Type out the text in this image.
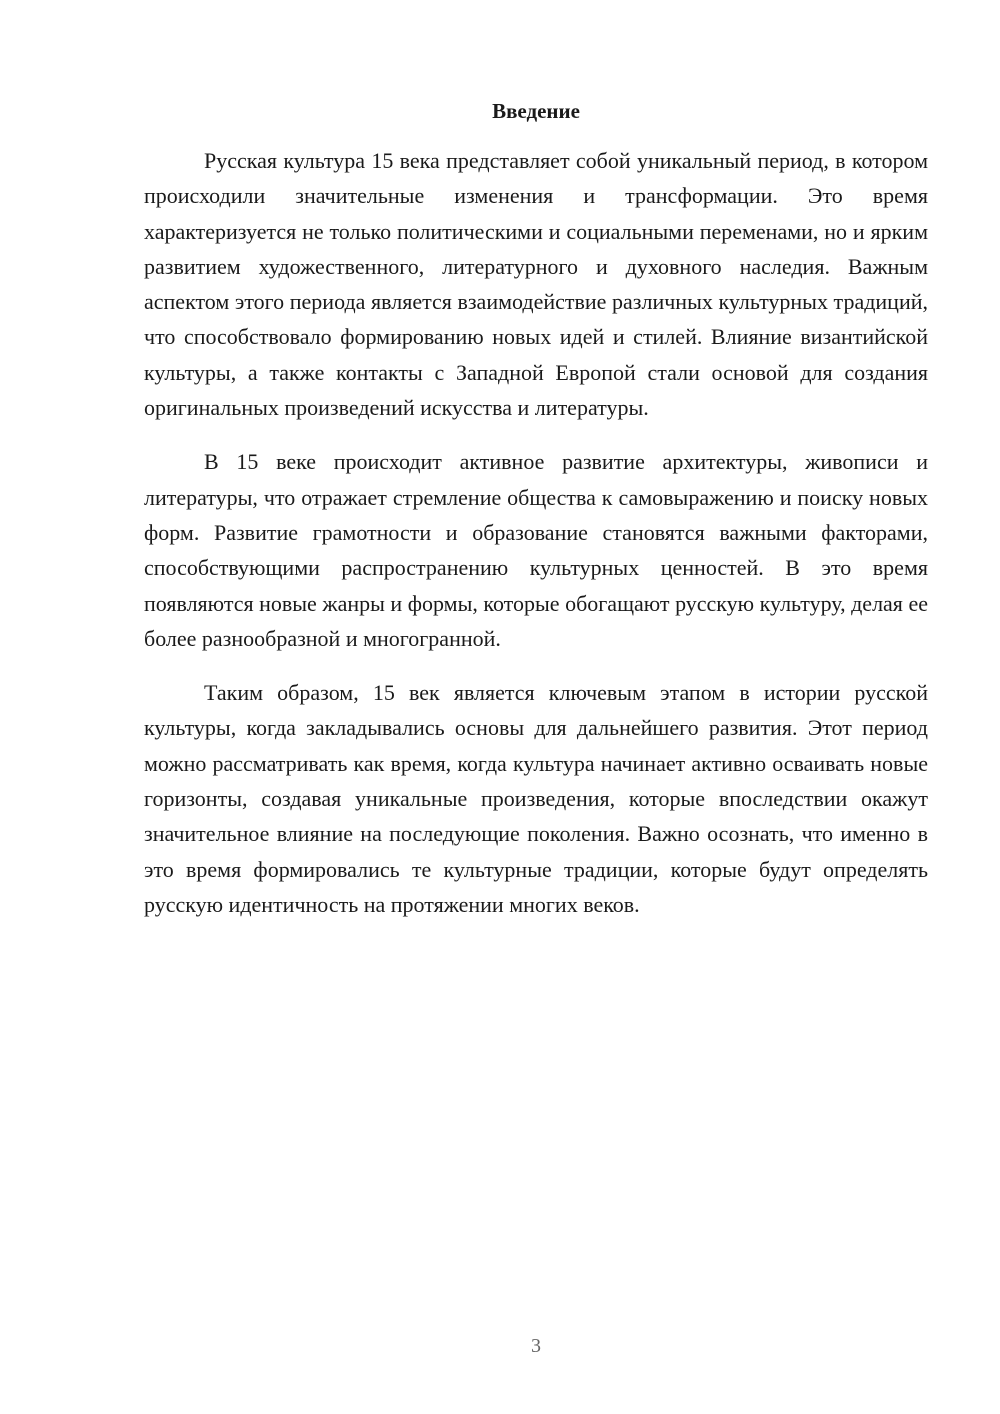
Введение

Русская культура 15 века представляет собой уникальный период, в котором происходили значительные изменения и трансформации. Это время характеризуется не только политическими и социальными переменами, но и ярким развитием художественного, литературного и духовного наследия. Важным аспектом этого периода является взаимодействие различных культурных традиций, что способствовало формированию новых идей и стилей. Влияние византийской культуры, а также контакты с Западной Европой стали основой для создания оригинальных произведений искусства и литературы.

В 15 веке происходит активное развитие архитектуры, живописи и литературы, что отражает стремление общества к самовыражению и поиску новых форм. Развитие грамотности и образование становятся важными факторами, способствующими распространению культурных ценностей. В это время появляются новые жанры и формы, которые обогащают русскую культуру, делая ее более разнообразной и многогранной.

Таким образом, 15 век является ключевым этапом в истории русской культуры, когда закладывались основы для дальнейшего развития. Этот период можно рассматривать как время, когда культура начинает активно осваивать новые горизонты, создавая уникальные произведения, которые впоследствии окажут значительное влияние на последующие поколения. Важно осознать, что именно в это время формировались те культурные традиции, которые будут определять русскую идентичность на протяжении многих веков.

3
